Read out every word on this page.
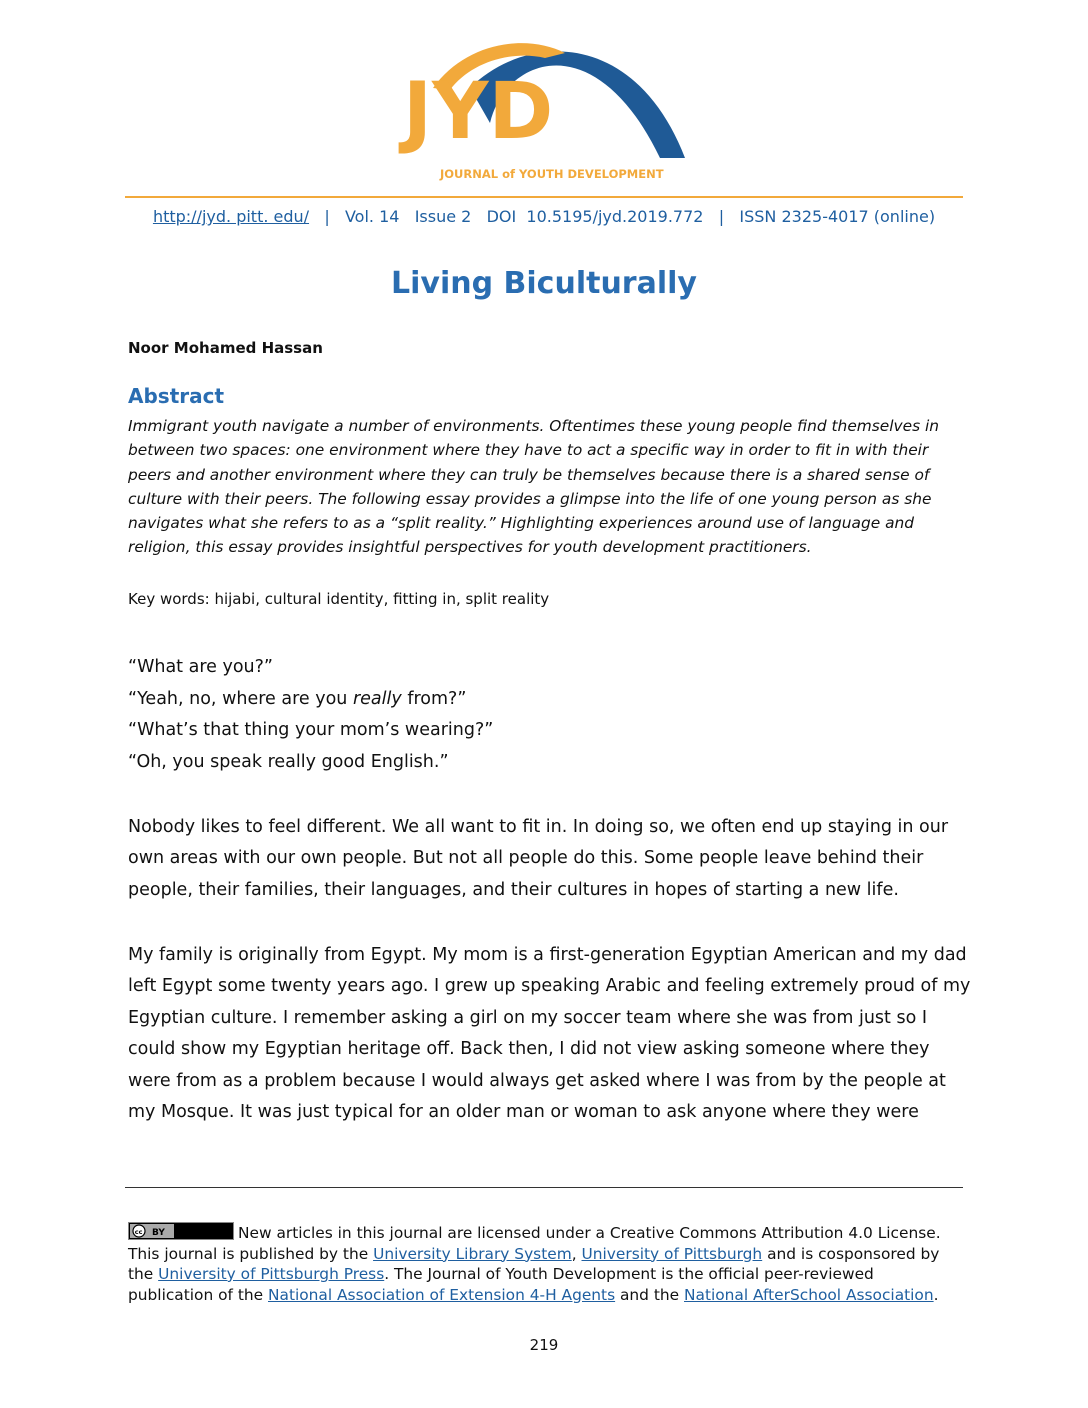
JYD
JOURNAL of YOUTH DEVELOPMENT
http://jyd. pitt. edu/ | Vol. 14 Issue 2 DOI  10.5195/jyd.2019.772 | ISSN 2325-4017 (online)
Living Biculturally
Noor Mohamed Hassan
Abstract
Immigrant youth navigate a number of environments. Oftentimes these young people find themselves in
between two spaces: one environment where they have to act a specific way in order to fit in with their
peers and another environment where they can truly be themselves because there is a shared sense of
culture with their peers. The following essay provides a glimpse into the life of one young person as she
navigates what she refers to as a “split reality.” Highlighting experiences around use of language and
religion, this essay provides insightful perspectives for youth development practitioners.
Key words: hijabi, cultural identity, fitting in, split reality
“What are you?”
“Yeah, no, where are you really from?”
“What’s that thing your mom’s wearing?”
“Oh, you speak really good English.”
Nobody likes to feel different. We all want to fit in. In doing so, we often end up staying in our
own areas with our own people. But not all people do this. Some people leave behind their
people, their families, their languages, and their cultures in hopes of starting a new life.
My family is originally from Egypt. My mom is a first-generation Egyptian American and my dad
left Egypt some twenty years ago. I grew up speaking Arabic and feeling extremely proud of my
Egyptian culture. I remember asking a girl on my soccer team where she was from just so I
could show my Egyptian heritage off. Back then, I did not view asking someone where they
were from as a problem because I would always get asked where I was from by the people at
my Mosque. It was just typical for an older man or woman to ask anyone where they were
cc BY	New articles in this journal are licensed under a Creative Commons Attribution 4.0 License.
This journal is published by the University Library System, University of Pittsburgh and is cosponsored by
the University of Pittsburgh Press. The Journal of Youth Development is the official peer-reviewed
publication of the National Association of Extension 4-H Agents and the National AfterSchool Association.
219
